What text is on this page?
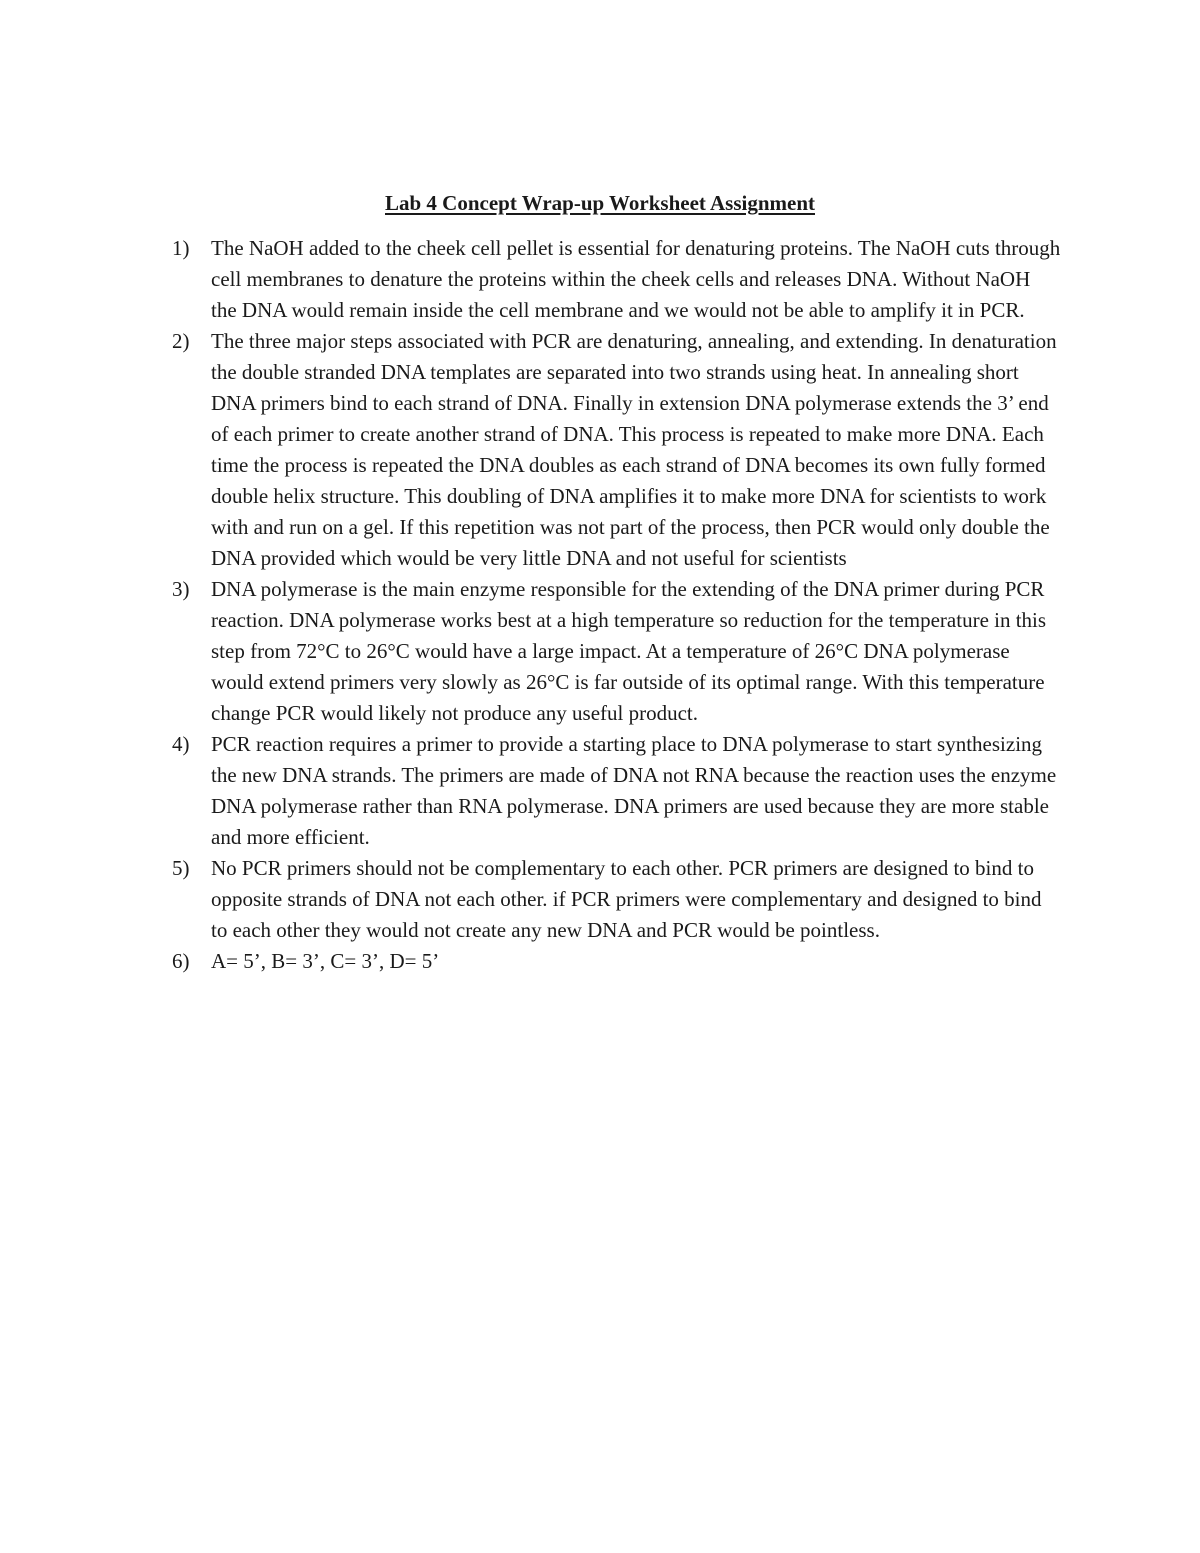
Lab 4 Concept Wrap-up Worksheet Assignment
1) The NaOH added to the cheek cell pellet is essential for denaturing proteins. The NaOH cuts through cell membranes to denature the proteins within the cheek cells and releases DNA. Without NaOH the DNA would remain inside the cell membrane and we would not be able to amplify it in PCR.
2) The three major steps associated with PCR are denaturing, annealing, and extending. In denaturation the double stranded DNA templates are separated into two strands using heat. In annealing short DNA primers bind to each strand of DNA. Finally in extension DNA polymerase extends the 3’ end of each primer to create another strand of DNA. This process is repeated to make more DNA. Each time the process is repeated the DNA doubles as each strand of DNA becomes its own fully formed double helix structure. This doubling of DNA amplifies it to make more DNA for scientists to work with and run on a gel. If this repetition was not part of the process, then PCR would only double the DNA provided which would be very little DNA and not useful for scientists
3) DNA polymerase is the main enzyme responsible for the extending of the DNA primer during PCR reaction. DNA polymerase works best at a high temperature so reduction for the temperature in this step from 72°C to 26°C would have a large impact. At a temperature of 26°C DNA polymerase would extend primers very slowly as 26°C is far outside of its optimal range. With this temperature change PCR would likely not produce any useful product.
4) PCR reaction requires a primer to provide a starting place to DNA polymerase to start synthesizing the new DNA strands. The primers are made of DNA not RNA because the reaction uses the enzyme DNA polymerase rather than RNA polymerase. DNA primers are used because they are more stable and more efficient.
5) No PCR primers should not be complementary to each other. PCR primers are designed to bind to opposite strands of DNA not each other. if PCR primers were complementary and designed to bind to each other they would not create any new DNA and PCR would be pointless.
6) A= 5’, B= 3’, C= 3’, D= 5’
